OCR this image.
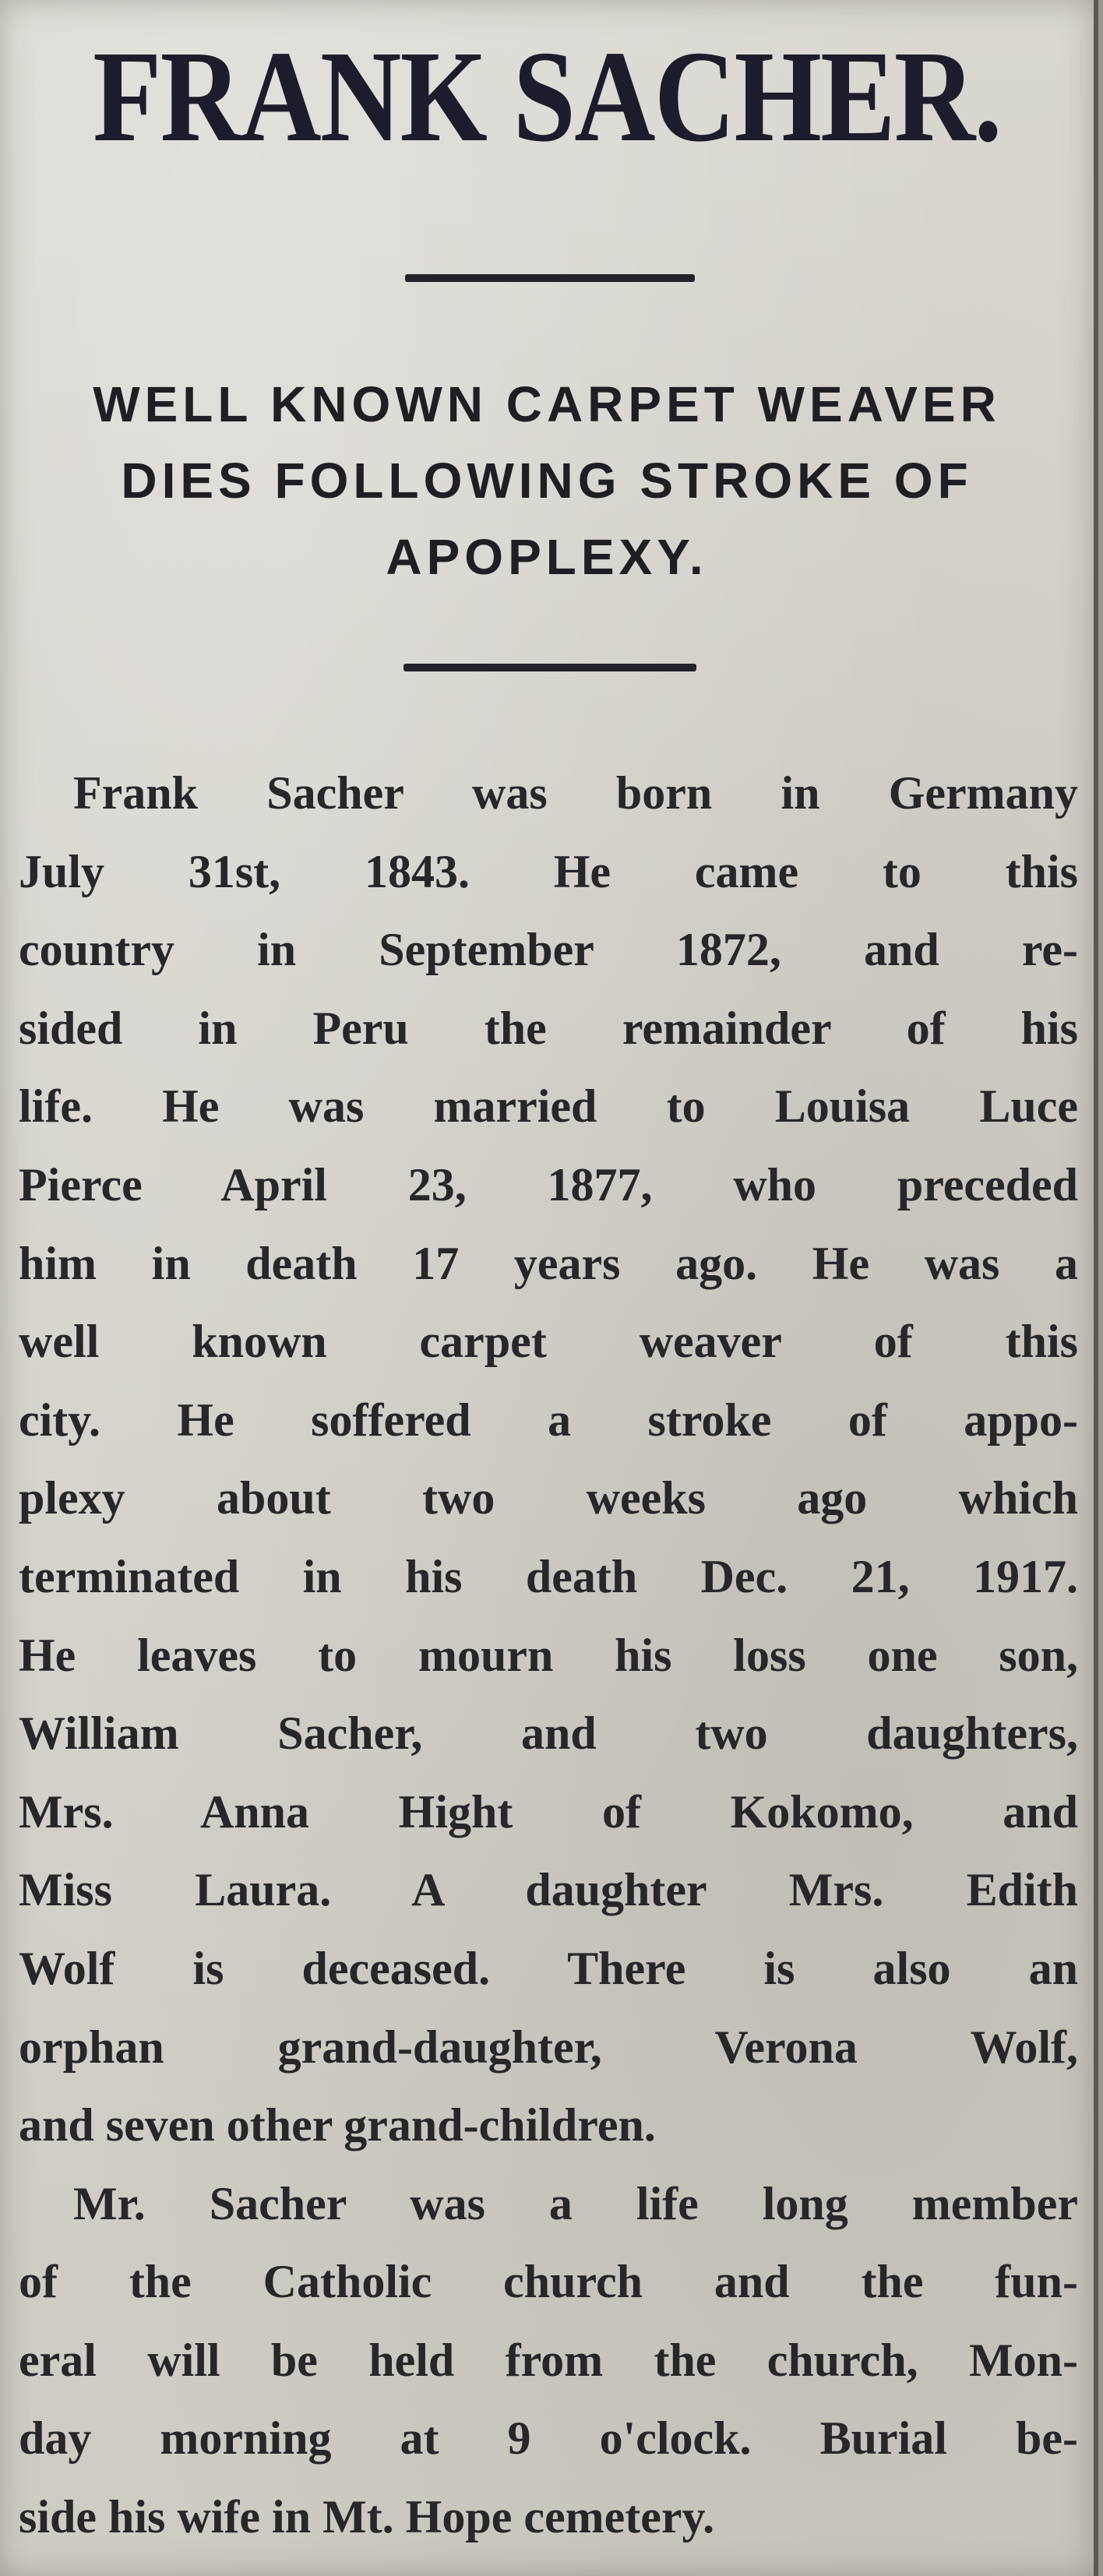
FRANK SACHER.
WELL KNOWN CARPET WEAVER
DIES FOLLOWING STROKE OF
APOPLEXY.
Frank Sacher was born in Germany
July 31st, 1843. He came to this
country in September 1872, and re-
sided in Peru the remainder of his
life. He was married to Louisa Luce
Pierce April 23, 1877, who preceded
him in death 17 years ago. He was a
well known carpet weaver of this
city. He soffered a stroke of appo-
plexy about two weeks ago which
terminated in his death Dec. 21, 1917.
He leaves to mourn his loss one son,
William Sacher, and two daughters,
Mrs. Anna Hight of Kokomo, and
Miss Laura. A daughter Mrs. Edith
Wolf is deceased. There is also an
orphan grand-daughter, Verona Wolf,
and seven other grand-children.
Mr. Sacher was a life long member
of the Catholic church and the fun-
eral will be held from the church, Mon-
day morning at 9 o'clock. Burial be-
side his wife in Mt. Hope cemetery.
